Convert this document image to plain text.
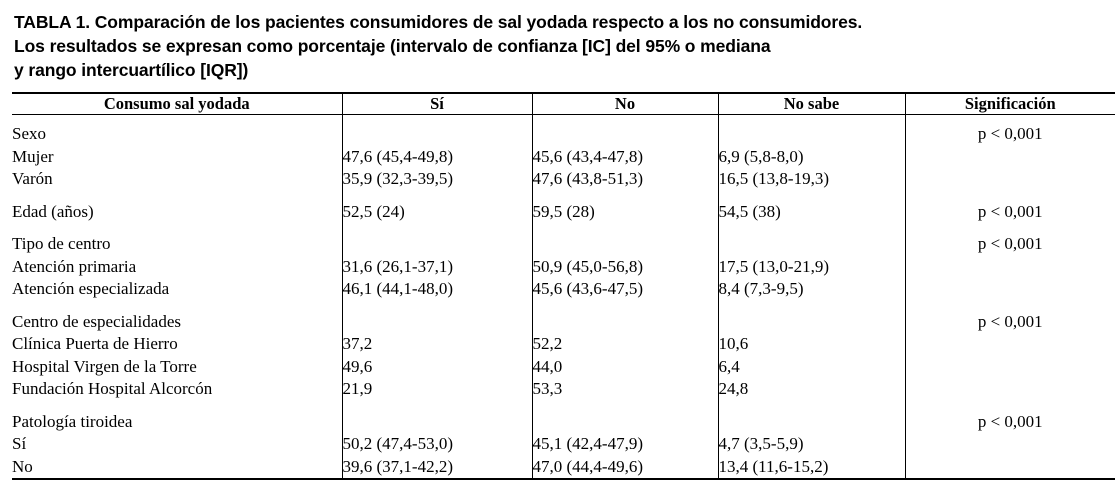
TABLA 1. Comparación de los pacientes consumidores de sal yodada respecto a los no consumidores.
Los resultados se expresan como porcentaje (intervalo de confianza [IC] del 95% o mediana
y rango intercuartílico [IQR])
Consumo sal yodada	Sí	No	No sabe	Significación
Sexo				p < 0,001
Mujer	47,6 (45,4-49,8)	45,6 (43,4-47,8)	6,9 (5,8-8,0)	
Varón	35,9 (32,3-39,5)	47,6 (43,8-51,3)	16,5 (13,8-19,3)	

Edad (años)	52,5 (24)	59,5 (28)	54,5 (38)	p < 0,001

Tipo de centro				p < 0,001
Atención primaria	31,6 (26,1-37,1)	50,9 (45,0-56,8)	17,5 (13,0-21,9)	
Atención especializada	46,1 (44,1-48,0)	45,6 (43,6-47,5)	8,4 (7,3-9,5)	

Centro de especialidades				p < 0,001
Clínica Puerta de Hierro	37,2	52,2	10,6	
Hospital Virgen de la Torre	49,6	44,0	6,4	
Fundación Hospital Alcorcón	21,9	53,3	24,8	

Patología tiroidea				p < 0,001
Sí	50,2 (47,4-53,0)	45,1 (42,4-47,9)	4,7 (3,5-5,9)	
No	39,6 (37,1-42,2)	47,0 (44,4-49,6)	13,4 (11,6-15,2)	
